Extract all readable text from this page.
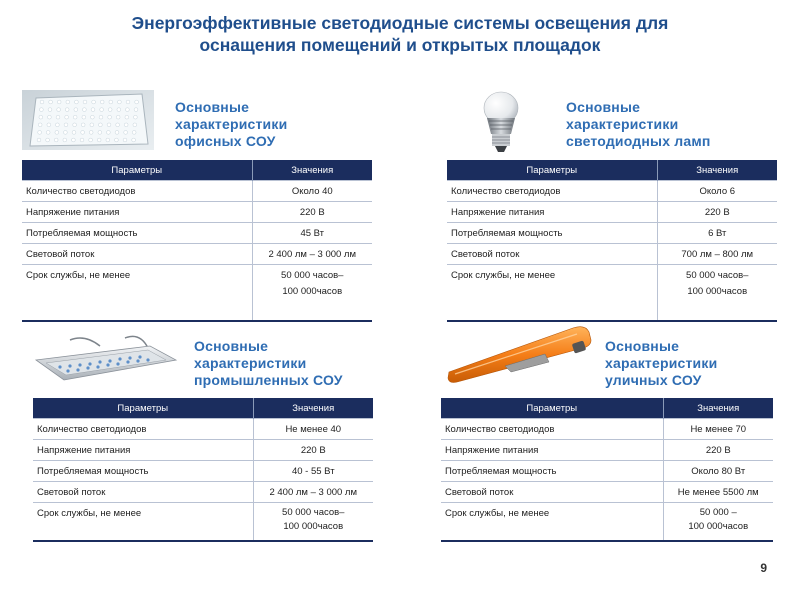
Энергоэффективные светодиодные системы освещения для
оснащения помещений и открытых площадок
Основные
характеристики
офисных СОУ
Параметры	Значения
Количество светодиодов	Около 40
Напряжение питания	220 В
Потребляемая мощность	45 Вт
Световой поток	2 400 лм – 3 000 лм
Срок службы, не менее	50 000 часов–
100 000часов
Основные
характеристики
светодиодных ламп
Параметры	Значения
Количество светодиодов	Около 6
Напряжение питания	220 В
Потребляемая мощность	6 Вт
Световой поток	700 лм – 800 лм
Срок службы, не менее	50 000 часов–
100 000часов
Основные
характеристики
промышленных СОУ
Параметры	Значения
Количество светодиодов	Не менее 40
Напряжение питания	220 В
Потребляемая мощность	40 - 55 Вт
Световой поток	2 400 лм – 3 000 лм
Срок службы, не менее	50 000 часов–
100 000часов
Основные
характеристики
уличных СОУ
Параметры	Значения
Количество светодиодов	Не менее 70
Напряжение питания	220 В
Потребляемая мощность	Около 80 Вт
Световой поток	Не менее 5500 лм
Срок службы, не менее	50 000 –
100 000часов
9
